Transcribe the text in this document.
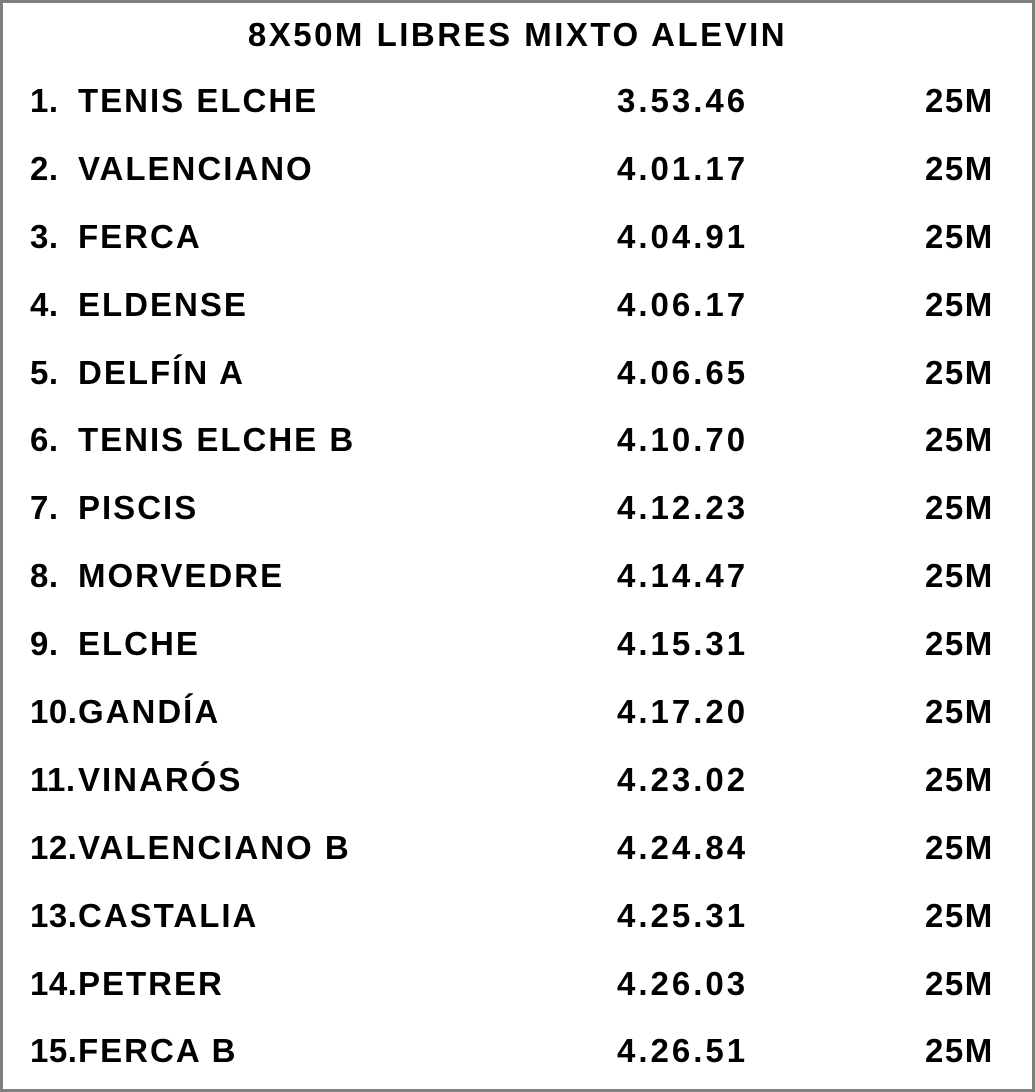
8X50M LIBRES MIXTO ALEVIN
1. TENIS ELCHE	3.53.46	25M
2. VALENCIANO	4.01.17	25M
3. FERCA	4.04.91	25M
4. ELDENSE	4.06.17	25M
5. DELFÍN A	4.06.65	25M
6. TENIS ELCHE B	4.10.70	25M
7. PISCIS	4.12.23	25M
8. MORVEDRE	4.14.47	25M
9. ELCHE	4.15.31	25M
10. GANDÍA	4.17.20	25M
11. VINARÓS	4.23.02	25M
12. VALENCIANO B	4.24.84	25M
13. CASTALIA	4.25.31	25M
14. PETRER	4.26.03	25M
15. FERCA B	4.26.51	25M
